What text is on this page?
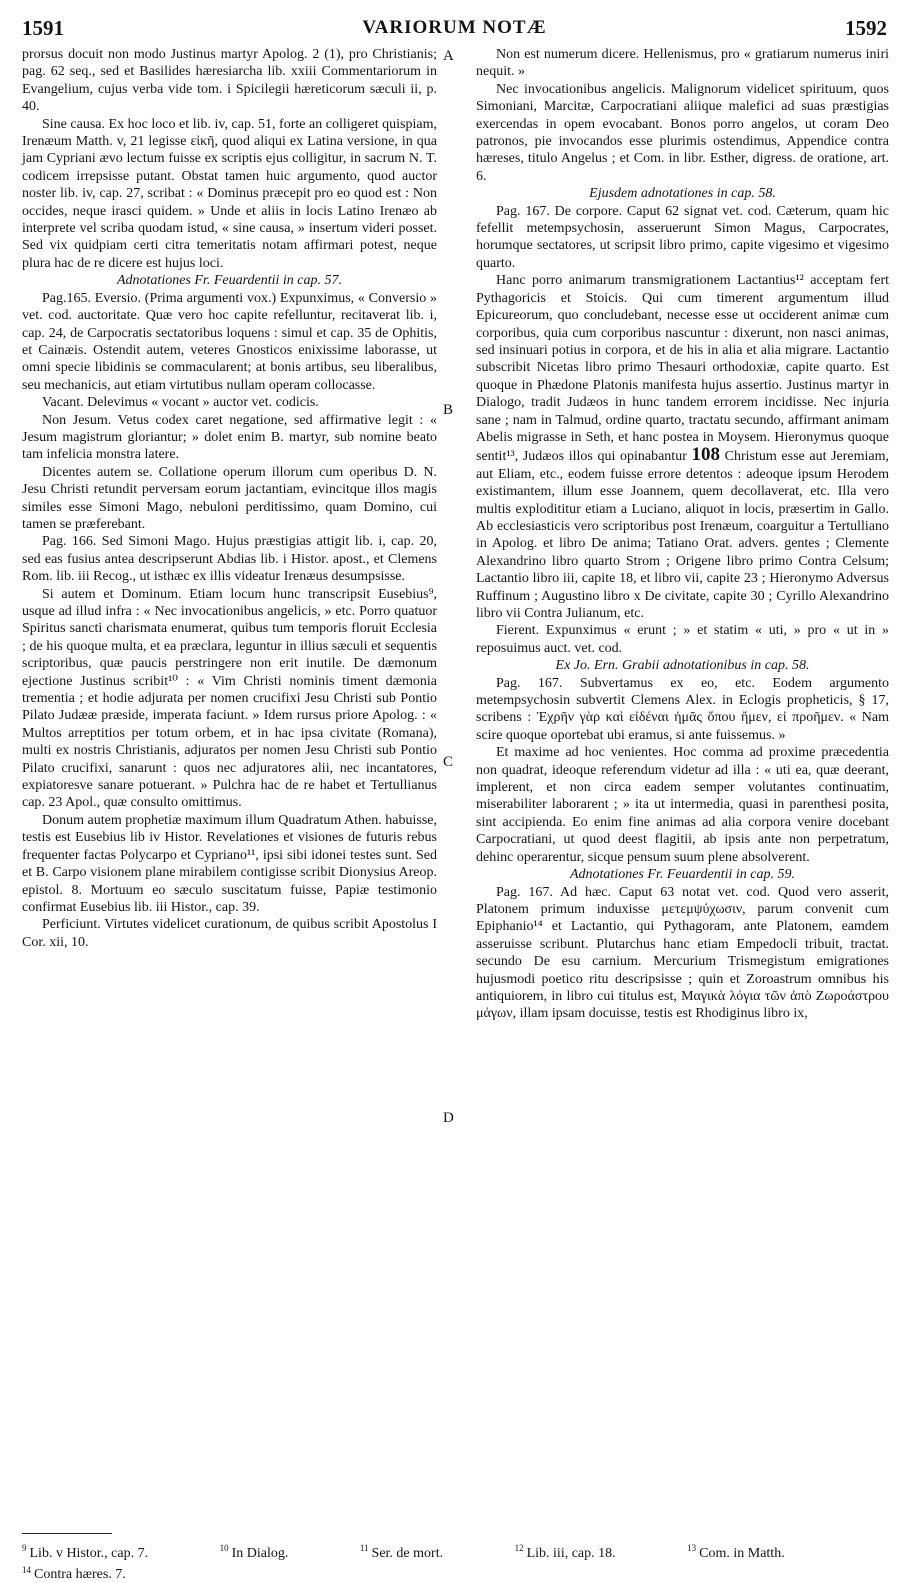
1591	VARIORUM NOTÆ	1592
A
B
C
D

prorsus docuit non modo Justinus martyr Apolog. 2 (1), pro Christianis; pag. 62 seq., sed et Basilides hæresiarcha lib. xxiii Commentariorum in Evangelium, cujus verba vide tom. i Spicilegii hæreticorum sæculi ii, p. 40.

Sine causa. Ex hoc loco et lib. iv, cap. 51, forte an colligeret quispiam, Irenæum Matth. v, 21 legisse εἰκῆ, quod aliqui ex Latina versione, in qua jam Cypriani ævo lectum fuisse ex scriptis ejus colligitur, in sacrum N. T. codicem irrepsisse putant. Obstat tamen huic argumento, quod auctor noster lib. iv, cap. 27, scribat : « Dominus præcepit pro eo quod est : Non occides, neque irasci quidem. » Unde et aliis in locis Latino Irenæo ab interprete vel scriba quodam istud, « sine causa, » insertum videri posset. Sed vix quidpiam certi citra temeritatis notam affirmari potest, neque plura hac de re dicere est hujus loci.

Adnotationes Fr. Feuardentii in cap. 57.

Pag.165. Eversio. (Prima argumenti vox.) Expunximus, « Conversio » vet. cod. auctoritate. Quæ vero hoc capite refelluntur, recitaverat lib. i, cap. 24, de Carpocratis sectatoribus loquens : simul et cap. 35 de Ophitis, et Cainæis. Ostendit autem, veteres Gnosticos enixissime laborasse, ut omni specie libidinis se commacularent; at bonis artibus, seu liberalibus, seu mechanicis, aut etiam virtutibus nullam operam collocasse.

Vacant. Delevimus « vocant » auctor vet. codicis.

Non Jesum. Vetus codex caret negatione, sed affirmative legit : « Jesum magistrum gloriantur; » dolet enim B. martyr, sub nomine beato tam infelicia monstra latere.

Dicentes autem se. Collatione operum illorum cum operibus D. N. Jesu Christi retundit perversam eorum jactantiam, evincitque illos magis similes esse Simoni Mago, nebuloni perditissimo, quam Domino, cui tamen se præferebant.

Pag. 166. Sed Simoni Mago. Hujus præstigias attigit lib. i, cap. 20, sed eas fusius antea descripserunt Abdias lib. i Histor. apost., et Clemens Rom. lib. iii Recog., ut isthæc ex illis videatur Irenæus desumpsisse.

Si autem et Dominum. Etiam locum hunc transcripsit Eusebius⁹, usque ad illud infra : « Nec invocationibus angelicis, » etc. Porro quatuor Spiritus sancti charismata enumerat, quibus tum temporis floruit Ecclesia ; de his quoque multa, et ea præclara, leguntur in illius sæculi et sequentis scriptoribus, quæ paucis perstringere non erit inutile. De dæmonum ejectione Justinus scribit¹⁰ : « Vim Christi nominis timent dæmonia trementia ; et hodie adjurata per nomen crucifixi Jesu Christi sub Pontio Pilato Judææ præside, imperata faciunt. » Idem rursus priore Apolog. : « Multos arreptitios per totum orbem, et in hac ipsa civitate (Romana), multi ex nostris Christianis, adjuratos per nomen Jesu Christi sub Pontio Pilato crucifixi, sanarunt : quos nec adjuratores alii, nec incantatores, expiatoresve sanare potuerant. » Pulchra hac de re habet et Tertullianus cap. 23 Apol., quæ consulto omittimus.

Donum autem prophetiæ maximum illum Quadratum Athen. habuisse, testis est Eusebius lib iv Histor. Revelationes et visiones de futuris rebus frequenter factas Polycarpo et Cypriano¹¹, ipsi sibi idonei testes sunt. Sed et B. Carpo visionem plane mirabilem contigisse scribit Dionysius Areop. epistol. 8. Mortuum eo sæculo suscitatum fuisse, Papiæ testimonio confirmat Eusebius lib. iii Histor., cap. 39.

Perficiunt. Virtutes videlicet curationum, de quibus scribit Apostolus I Cor. xii, 10.

Non est numerum dicere. Hellenismus, pro « gratiarum numerus iniri nequit. »

Nec invocationibus angelicis. Malignorum videlicet spirituum, quos Simoniani, Marcitæ, Carpocratiani aliique malefici ad suas præstigias exercendas in opem evocabant. Bonos porro angelos, ut coram Deo patronos, pie invocandos esse plurimis ostendimus, Appendice contra hæreses, titulo Angelus ; et Com. in libr. Esther, digress. de oratione, art. 6.

Ejusdem adnotationes in cap. 58.

Pag. 167. De corpore. Caput 62 signat vet. cod. Cæterum, quam hic fefellit metempsychosin, asseruerunt Simon Magus, Carpocrates, horumque sectatores, ut scripsit libro primo, capite vigesimo et vigesimo quarto.

Hanc porro animarum transmigrationem Lactantius¹² acceptam fert Pythagoricis et Stoicis. Qui cum timerent argumentum illud Epicureorum, quo concludebant, necesse esse ut occiderent animæ cum corporibus, quia cum corporibus nascuntur : dixerunt, non nasci animas, sed insinuari potius in corpora, et de his in alia et alia migrare. Lactantio subscribit Nicetas libro primo Thesauri orthodoxiæ, capite quarto. Est quoque in Phædone Platonis manifesta hujus assertio. Justinus martyr in Dialogo, tradit Judæos in hunc tandem errorem incidisse. Nec injuria sane ; nam in Talmud, ordine quarto, tractatu secundo, affirmant animam Abelis migrasse in Seth, et hanc postea in Moysem. Hieronymus quoque sentit¹³, Judæos illos qui opinabantur 108 Christum esse aut Jeremiam, aut Eliam, etc., eodem fuisse errore detentos : adeoque ipsum Herodem existimantem, illum esse Joannem, quem decollaverat, etc. Illa vero multis explodititur etiam a Luciano, aliquot in locis, præsertim in Gallo. Ab ecclesiasticis vero scriptoribus post Irenæum, coarguitur a Tertulliano in Apolog. et libro De anima; Tatiano Orat. advers. gentes ; Clemente Alexandrino libro quarto Strom ; Origene libro primo Contra Celsum; Lactantio libro iii, capite 18, et libro vii, capite 23 ; Hieronymo Adversus Ruffinum ; Augustino libro x De civitate, capite 30 ; Cyrillo Alexandrino libro vii Contra Julianum, etc.

Fierent. Expunximus « erunt ; » et statim « uti, » pro « ut in » reposuimus auct. vet. cod.

Ex Jo. Ern. Grabii adnotationibus in cap. 58.

Pag. 167. Subvertamus ex eo, etc. Eodem argumento metempsychosin subvertit Clemens Alex. in Eclogis propheticis, § 17, scribens : Ἐχρῆν γὰρ καὶ εἰδέναι ἡμᾶς ὅπου ἤμεν, εἰ προῆμεν. « Nam scire quoque oportebat ubi eramus, si ante fuissemus. »

Et maxime ad hoc venientes. Hoc comma ad proxime præcedentia non quadrat, ideoque referendum videtur ad illa : « uti ea, quæ deerant, implerent, et non circa eadem semper volutantes continuatim, miserabiliter laborarent ; » ita ut intermedia, quasi in parenthesi posita, sint accipienda. Eo enim fine animas ad alia corpora venire docebant Carpocratiani, ut quod deest flagitii, ab ipsis ante non perpetratum, dehinc operarentur, sicque pensum suum plene absolverent.

Adnotationes Fr. Feuardentii in cap. 59.

Pag. 167. Ad hæc. Caput 63 notat vet. cod. Quod vero asserit, Platonem primum induxisse μετεμψύχωσιν, parum convenit cum Epiphanio¹⁴ et Lactantio, qui Pythagoram, ante Platonem, eamdem asseruisse scribunt. Plutarchus hanc etiam Empedocli tribuit, tractat. secundo De esu carnium. Mercurium Trismegistum emigrationes hujusmodi poetico ritu descripsisse ; quin et Zoroastrum omnibus his antiquiorem, in libro cui titulus est, Μαγικὰ λόγια τῶν ἀπὸ Ζωροάστρου μάγων, illam ipsam docuisse, testis est Rhodiginus libro ix,

$^9$ Lib. v Histor., cap. 7.	$^{10}$ In Dialog.	$^{11}$ Ser. de mort.	$^{12}$ Lib. iii, cap. 18.	$^{13}$ Com. in Matth.
$^{14}$ Contra hæres. 7.
